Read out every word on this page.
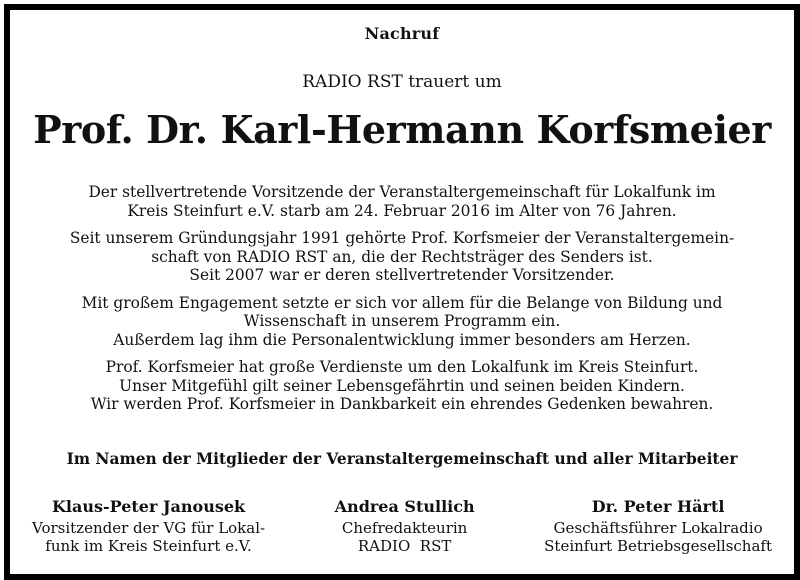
Nachruf
RADIO RST trauert um
Prof. Dr. Karl-Hermann Korfsmeier

Der stellvertretende Vorsitzende der Veranstaltergemeinschaft für Lokalfunk im
Kreis Steinfurt e.V. starb am 24. Februar 2016 im Alter von 76 Jahren.

Seit unserem Gründungsjahr 1991 gehörte Prof. Korfsmeier der Veranstaltergemein-
schaft von RADIO RST an, die der Rechtsträger des Senders ist.
Seit 2007 war er deren stellvertretender Vorsitzender.

Mit großem Engagement setzte er sich vor allem für die Belange von Bildung und
Wissenschaft in unserem Programm ein.
Außerdem lag ihm die Personalentwicklung immer besonders am Herzen.

Prof. Korfsmeier hat große Verdienste um den Lokalfunk im Kreis Steinfurt.
Unser Mitgefühl gilt seiner Lebensgefährtin und seinen beiden Kindern.
Wir werden Prof. Korfsmeier in Dankbarkeit ein ehrendes Gedenken bewahren.

Im Namen der Mitglieder der Veranstaltergemeinschaft und aller Mitarbeiter
Klaus-Peter Janousek
Vorsitzender der VG für Lokal-
funk im Kreis Steinfurt e.V.
Andrea Stullich
Chefredakteurin
RADIO  RST
Dr. Peter Härtl
Geschäftsführer Lokalradio
Steinfurt Betriebsgesellschaft
